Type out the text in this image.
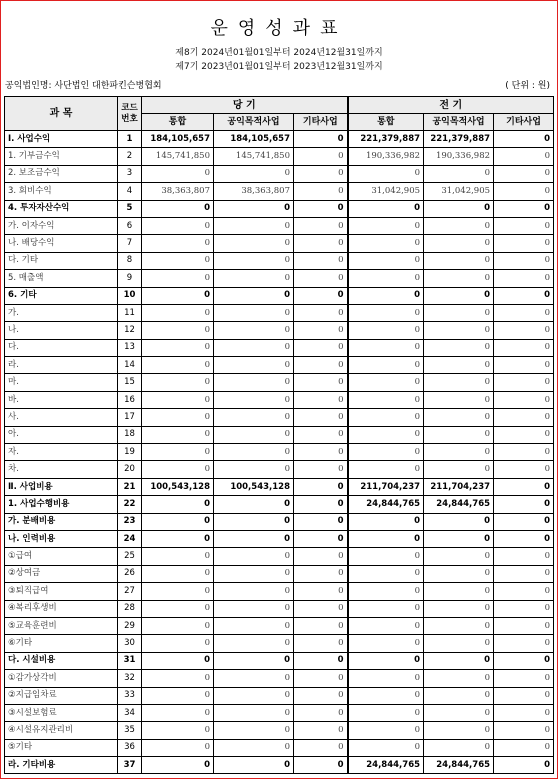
운영성과표
제8기 2024년01월01일부터 2024년12월31일까지
제7기 2023년01월01일부터 2023년12월31일까지
공익법인명: 사단법인 대한파킨슨병협회	( 단위 : 원)
과 목	코드
번호	당 기			전 기		
		통합	공익목적사업	기타사업	통합	공익목적사업	기타사업
Ⅰ. 사업수익	1	184,105,657	184,105,657	0	221,379,887	221,379,887	0
1. 기부금수익	2	145,741,850	145,741,850	0	190,336,982	190,336,982	0
2. 보조금수익	3	0	0	0	0	0	0
3. 회비수익	4	38,363,807	38,363,807	0	31,042,905	31,042,905	0
4. 투자자산수익	5	0	0	0	0	0	0
가. 이자수익	6	0	0	0	0	0	0
나. 배당수익	7	0	0	0	0	0	0
다. 기타	8	0	0	0	0	0	0
5. 매출액	9	0	0	0	0	0	0
6. 기타	10	0	0	0	0	0	0
가.	11	0	0	0	0	0	0
나.	12	0	0	0	0	0	0
다.	13	0	0	0	0	0	0
라.	14	0	0	0	0	0	0
마.	15	0	0	0	0	0	0
바.	16	0	0	0	0	0	0
사.	17	0	0	0	0	0	0
아.	18	0	0	0	0	0	0
자.	19	0	0	0	0	0	0
차.	20	0	0	0	0	0	0
Ⅱ. 사업비용	21	100,543,128	100,543,128	0	211,704,237	211,704,237	0
1. 사업수행비용	22	0	0	0	24,844,765	24,844,765	0
가. 분배비용	23	0	0	0	0	0	0
나. 인력비용	24	0	0	0	0	0	0
①급여	25	0	0	0	0	0	0
②상여금	26	0	0	0	0	0	0
③퇴직급여	27	0	0	0	0	0	0
④복리후생비	28	0	0	0	0	0	0
⑤교육훈련비	29	0	0	0	0	0	0
⑥기타	30	0	0	0	0	0	0
다. 시설비용	31	0	0	0	0	0	0
①감가상각비	32	0	0	0	0	0	0
②지급임차료	33	0	0	0	0	0	0
③시설보험료	34	0	0	0	0	0	0
④시설유지관리비	35	0	0	0	0	0	0
⑤기타	36	0	0	0	0	0	0
라. 기타비용	37	0	0	0	24,844,765	24,844,765	0
